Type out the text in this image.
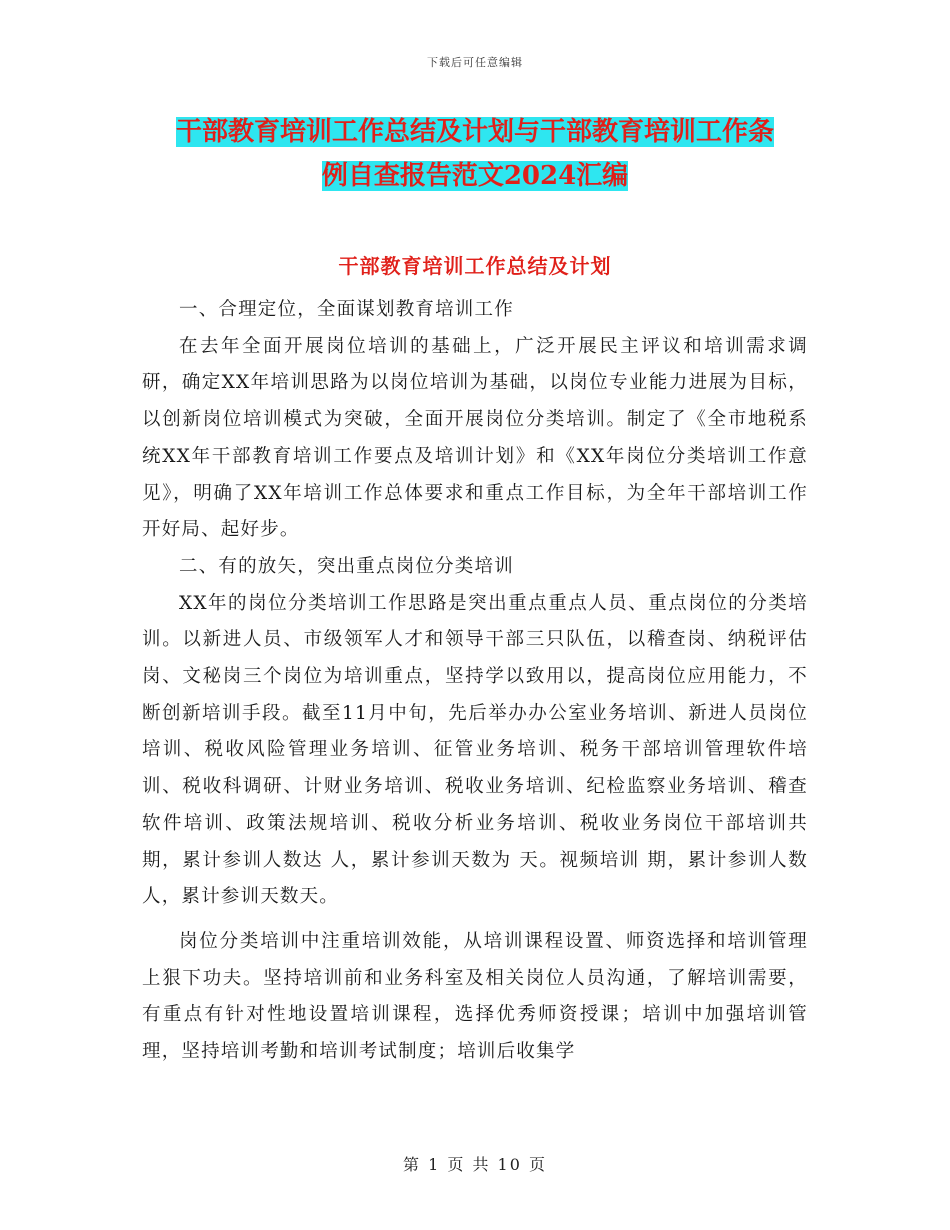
下载后可任意编辑
干部教育培训工作总结及计划与干部教育培训工作条
例自查报告范文2024汇编
干部教育培训工作总结及计划

一、合理定位，全面谋划教育培训工作

在去年全面开展岗位培训的基础上，广泛开展民主评议和培训需求调研，确定XX年培训思路为以岗位培训为基础，以岗位专业能力进展为目标，以创新岗位培训模式为突破，全面开展岗位分类培训。制定了《全市地税系统XX年干部教育培训工作要点及培训计划》和《XX年岗位分类培训工作意见》，明确了XX年培训工作总体要求和重点工作目标，为全年干部培训工作开好局、起好步。

二、有的放矢，突出重点岗位分类培训

XX年的岗位分类培训工作思路是突出重点重点人员、重点岗位的分类培训。以新进人员、市级领军人才和领导干部三只队伍，以稽查岗、纳税评估岗、文秘岗三个岗位为培训重点，坚持学以致用以，提高岗位应用能力，不断创新培训手段。截至11月中旬，先后举办办公室业务培训、新进人员岗位培训、税收风险管理业务培训、征管业务培训、税务干部培训管理软件培训、税收科调研、计财业务培训、税收业务培训、纪检监察业务培训、稽查软件培训、政策法规培训、税收分析业务培训、税收业务岗位干部培训共 期，累计参训人数达 人，累计参训天数为 天。视频培训 期，累计参训人数 人，累计参训天数天。

岗位分类培训中注重培训效能，从培训课程设置、师资选择和培训管理上狠下功夫。坚持培训前和业务科室及相关岗位人员沟通，了解培训需要，有重点有针对性地设置培训课程，选择优秀师资授课；培训中加强培训管理，坚持培训考勤和培训考试制度；培训后收集学

第 1 页 共 10 页
